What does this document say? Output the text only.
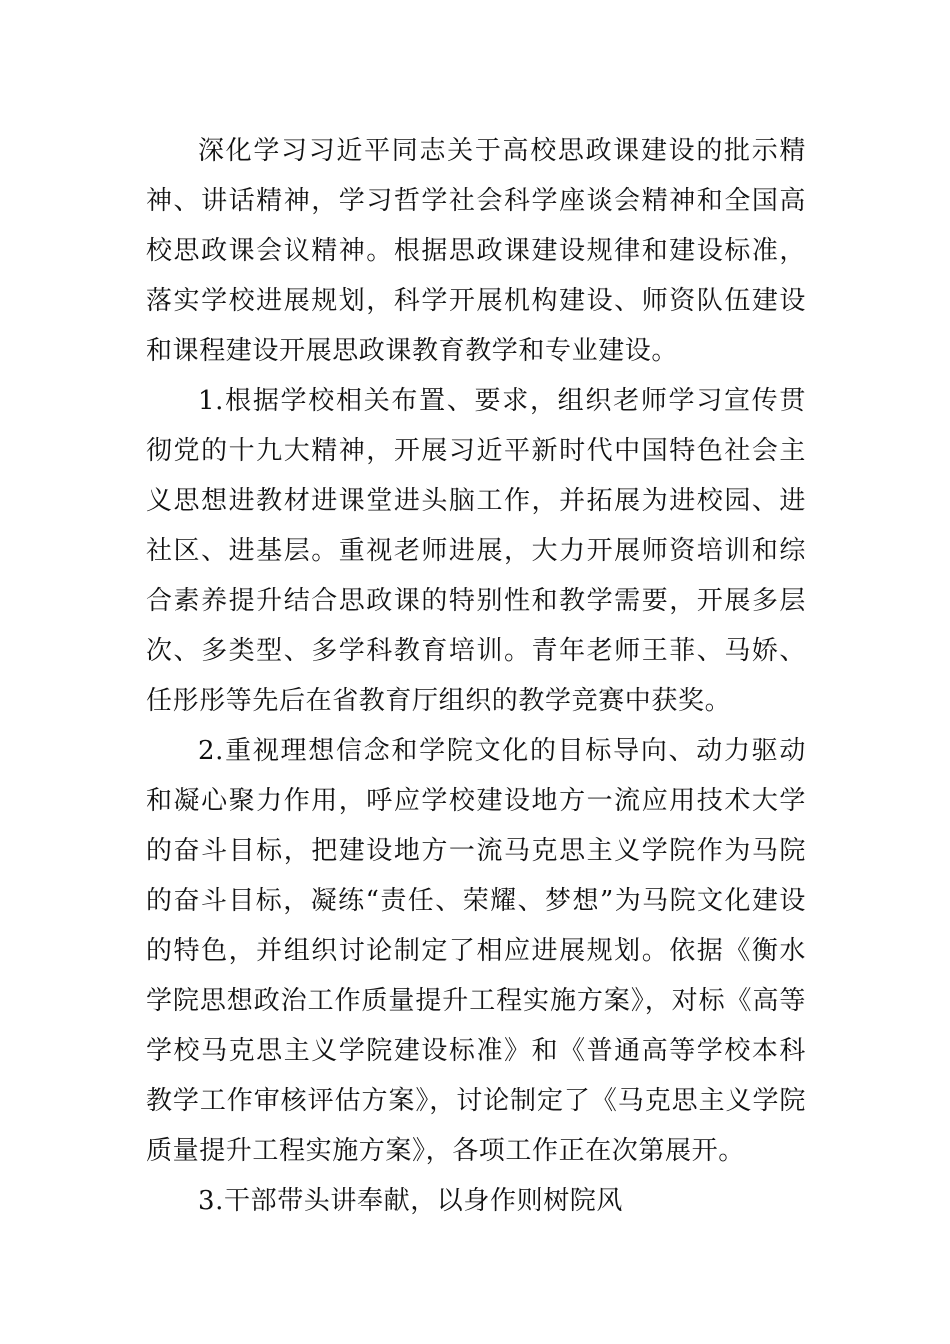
深化学习习近平同志关于高校思政课建设的批示精神、讲话精神，学习哲学社会科学座谈会精神和全国高校思政课会议精神。根据思政课建设规律和建设标准，落实学校进展规划，科学开展机构建设、师资队伍建设和课程建设开展思政课教育教学和专业建设。

1.根据学校相关布置、要求，组织老师学习宣传贯彻党的十九大精神，开展习近平新时代中国特色社会主义思想进教材进课堂进头脑工作，并拓展为进校园、进社区、进基层。重视老师进展，大力开展师资培训和综合素养提升结合思政课的特别性和教学需要，开展多层次、多类型、多学科教育培训。青年老师王菲、马娇、任彤彤等先后在省教育厅组织的教学竞赛中获奖。

2.重视理想信念和学院文化的目标导向、动力驱动和凝心聚力作用，呼应学校建设地方一流应用技术大学的奋斗目标，把建设地方一流马克思主义学院作为马院的奋斗目标，凝练“责任、荣耀、梦想”为马院文化建设的特色，并组织讨论制定了相应进展规划。依据《衡水学院思想政治工作质量提升工程实施方案》，对标《高等学校马克思主义学院建设标准》和《普通高等学校本科教学工作审核评估方案》，讨论制定了《马克思主义学院质量提升工程实施方案》，各项工作正在次第展开。

3.干部带头讲奉献，以身作则树院风
